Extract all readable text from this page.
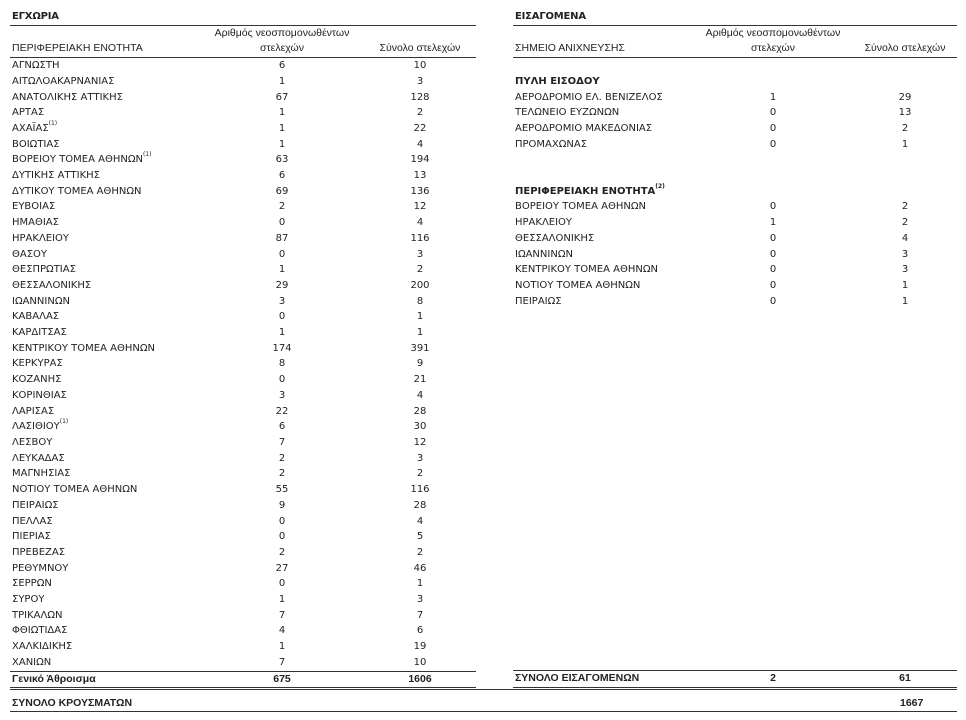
ΕΓΧΩΡΙΑ		
	Αριθμός νεοσπομονωθέντων	
ΠΕΡΙΦΕΡΕΙΑΚΗ ΕΝΟΤΗΤΑ	στελεχών	Σύνολο στελεχών
ΑΓΝΩΣΤΗ	6	10
ΑΙΤΩΛΟΑΚΑΡΝΑΝΙΑΣ	1	3
ΑΝΑΤΟΛΙΚΗΣ ΑΤΤΙΚΗΣ	67	128
ΑΡΤΑΣ	1	2
ΑΧΑΪΑΣ$^{(1)}$	1	22
ΒΟΙΩΤΙΑΣ	1	4
ΒΟΡΕΙΟΥ ΤΟΜΕΑ ΑΘΗΝΩΝ$^{(1)}$	63	194
ΔΥΤΙΚΗΣ ΑΤΤΙΚΗΣ	6	13
ΔΥΤΙΚΟΥ ΤΟΜΕΑ ΑΘΗΝΩΝ	69	136
ΕΥΒΟΙΑΣ	2	12
ΗΜΑΘΙΑΣ	0	4
ΗΡΑΚΛΕΙΟΥ	87	116
ΘΑΣΟΥ	0	3
ΘΕΣΠΡΩΤΙΑΣ	1	2
ΘΕΣΣΑΛΟΝΙΚΗΣ	29	200
ΙΩΑΝΝΙΝΩΝ	3	8
ΚΑΒΑΛΑΣ	0	1
ΚΑΡΔΙΤΣΑΣ	1	1
ΚΕΝΤΡΙΚΟΥ ΤΟΜΕΑ ΑΘΗΝΩΝ	174	391
ΚΕΡΚΥΡΑΣ	8	9
ΚΟΖΑΝΗΣ	0	21
ΚΟΡΙΝΘΙΑΣ	3	4
ΛΑΡΙΣΑΣ	22	28
ΛΑΣΙΘΙΟΥ$^{(1)}$	6	30
ΛΕΣΒΟΥ	7	12
ΛΕΥΚΑΔΑΣ	2	3
ΜΑΓΝΗΣΙΑΣ	2	2
ΝΟΤΙΟΥ ΤΟΜΕΑ ΑΘΗΝΩΝ	55	116
ΠΕΙΡΑΙΩΣ	9	28
ΠΕΛΛΑΣ	0	4
ΠΙΕΡΙΑΣ	0	5
ΠΡΕΒΕΖΑΣ	2	2
ΡΕΘΥΜΝΟΥ	27	46
ΣΕΡΡΩΝ	0	1
ΣΥΡΟΥ	1	3
ΤΡΙΚΑΛΩΝ	7	7
ΦΘΙΩΤΙΔΑΣ	4	6
ΧΑΛΚΙΔΙΚΗΣ	1	19
ΧΑΝΙΩΝ	7	10
Γενικό Άθροισμα	675	1606
ΕΙΣΑΓΟΜΕΝΑ		
	Αριθμός νεοσπομονωθέντων	
ΣΗΜΕΙΟ ΑΝΙΧΝΕΥΣΗΣ	στελεχών	Σύνολο στελεχών

ΠΥΛΗ ΕΙΣΟΔΟΥ		
ΑΕΡΟΔΡΟΜΙΟ ΕΛ. ΒΕΝΙΖΕΛΟΣ	1	29
ΤΕΛΩΝΕΙΟ ΕΥΖΩΝΩΝ	0	13
ΑΕΡΟΔΡΟΜΙΟ ΜΑΚΕΔΟΝΙΑΣ	0	2
ΠΡΟΜΑΧΩΝΑΣ	0	1

ΠΕΡΙΦΕΡΕΙΑΚΗ ΕΝΟΤΗΤΑ$^{(2)}$
ΒΟΡΕΙΟΥ ΤΟΜΕΑ ΑΘΗΝΩΝ	0	2
ΗΡΑΚΛΕΙΟΥ	1	2
ΘΕΣΣΑΛΟΝΙΚΗΣ	0	4
ΙΩΑΝΝΙΝΩΝ	0	3
ΚΕΝΤΡΙΚΟΥ ΤΟΜΕΑ ΑΘΗΝΩΝ	0	3
ΝΟΤΙΟΥ ΤΟΜΕΑ ΑΘΗΝΩΝ	0	1
ΠΕΙΡΑΙΩΣ	0	1

ΣΥΝΟΛΟ ΕΙΣΑΓΟΜΕΝΩΝ	2	61
ΣΥΝΟΛΟ ΚΡΟΥΣΜΑΤΩΝ	1667
